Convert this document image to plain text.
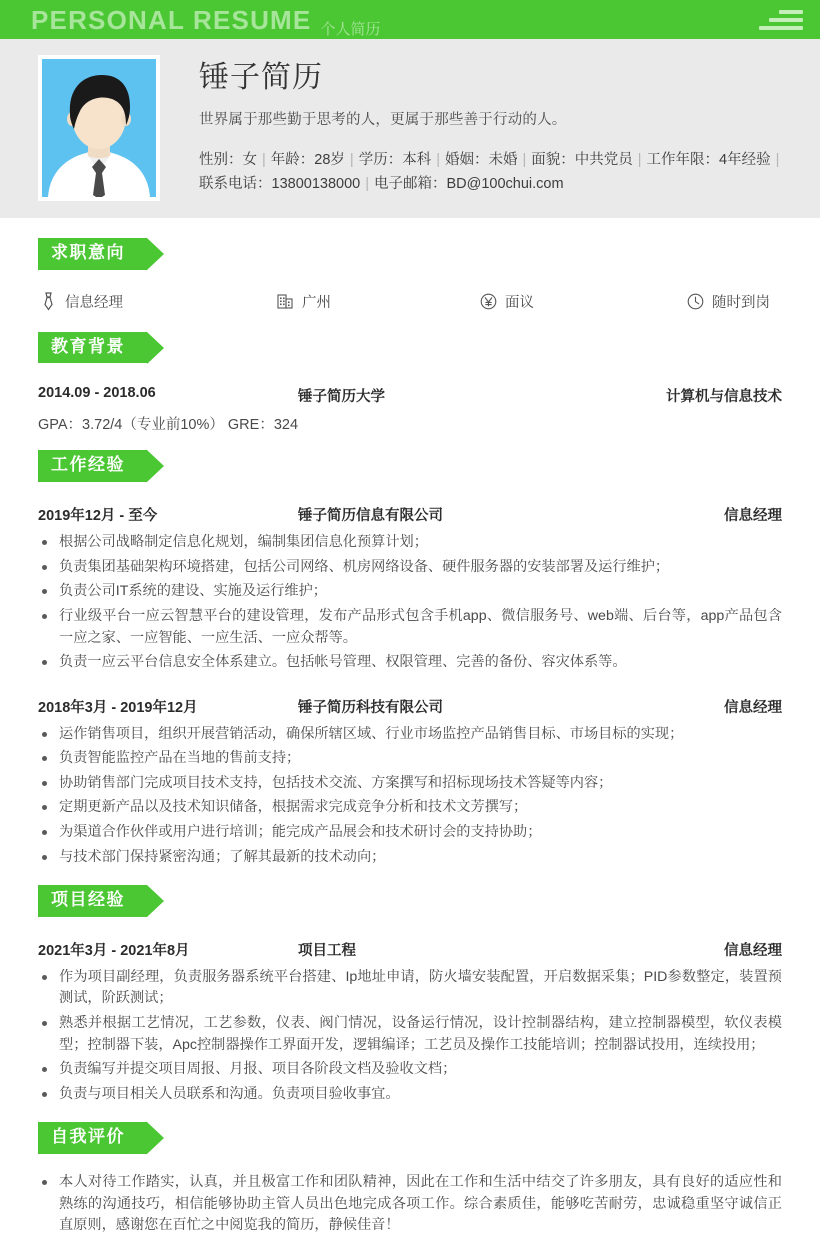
PERSONAL RESUME 个人简历
锤子简历
世界属于那些勤于思考的人，更属于那些善于行动的人。
性别：女 | 年龄：28岁 | 学历：本科 | 婚姻：未婚 | 面貌：中共党员 | 工作年限：4年经验 |
联系电话：13800138000 | 电子邮箱：BD@100chui.com
求职意向
信息经理	广州	面议	随时到岗
教育背景
2014.09 - 2018.06	锤子简历大学	计算机与信息技术
GPA：3.72/4（专业前10%） GRE：324
工作经验
2019年12月 - 至今	锤子简历信息有限公司	信息经理
根据公司战略制定信息化规划，编制集团信息化预算计划；
负责集团基础架构环境搭建，包括公司网络、机房网络设备、硬件服务器的安装部署及运行维护；
负责公司IT系统的建设、实施及运行维护；
行业级平台一应云智慧平台的建设管理，发布产品形式包含手机app、微信服务号、web端、后台等，app产品包含一应之家、一应智能、一应生活、一应众帮等。
负责一应云平台信息安全体系建立。包括帐号管理、权限管理、完善的备份、容灾体系等。
2018年3月 - 2019年12月	锤子简历科技有限公司	信息经理
运作销售项目，组织开展营销活动，确保所辖区域、行业市场监控产品销售目标、市场目标的实现；
负责智能监控产品在当地的售前支持；
协助销售部门完成项目技术支持，包括技术交流、方案撰写和招标现场技术答疑等内容；
定期更新产品以及技术知识储备，根据需求完成竞争分析和技术文芳撰写；
为渠道合作伙伴或用户进行培训；能完成产品展会和技术研讨会的支持协助；
与技术部门保持紧密沟通；了解其最新的技术动向；
项目经验
2021年3月 - 2021年8月	项目工程	信息经理
作为项目副经理，负责服务器系统平台搭建、Ip地址申请，防火墙安装配置，开启数据采集；PID参数整定，装置预测试，阶跃测试；
熟悉并根据工艺情况，工艺参数，仪表、阀门情况，设备运行情况，设计控制器结构，建立控制器模型，软仪表模型；控制器下装，Apc控制器操作工界面开发，逻辑编译；工艺员及操作工技能培训；控制器试投用，连续投用；
负责编写并提交项目周报、月报、项目各阶段文档及验收文档；
负责与项目相关人员联系和沟通。负责项目验收事宜。
自我评价
本人对待工作踏实，认真，并且极富工作和团队精神，因此在工作和生活中结交了许多朋友，具有良好的适应性和熟练的沟通技巧，相信能够协助主管人员出色地完成各项工作。综合素质佳，能够吃苦耐劳，忠诚稳重坚守诚信正直原则，感谢您在百忙之中阅览我的简历，静候佳音！
